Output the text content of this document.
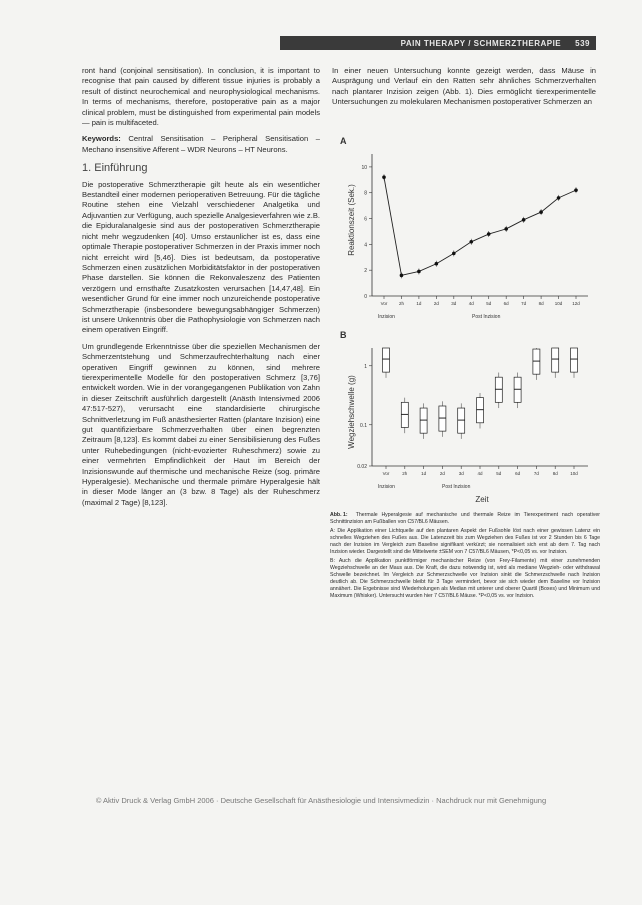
PAIN THERAPY / SCHMERZTHERAPIE 539

ront hand (conjoinal sensitisation). In conclusion, it is important to recognise that pain caused by different tissue injuries is probably a result of distinct neurochemical and neurophysiological mechanisms. In terms of mechanisms, therefore, postoperative pain as a major clinical problem, must be distinguished from experimental pain models — pain is multifaceted.

Keywords: Central Sensitisation – Peripheral Sensitisation – Mechano insensitive Afferent – WDR Neurons – HT Neurons.

1. Einführung

Die postoperative Schmerztherapie gilt heute als ein wesentlicher Bestandteil einer modernen perioperativen Betreuung. Für die tägliche Routine stehen eine Vielzahl verschiedener Analgetika und Adjuvantien zur Verfügung, auch spezielle Analgesieverfahren wie z.B. die Epiduralanalgesie sind aus der postoperativen Schmerztherapie nicht mehr wegzudenken [40]. Umso erstaunlicher ist es, dass eine optimale Therapie postoperativer Schmerzen in der Praxis immer noch nicht erreicht wird [5,46]. Dies ist bedeutsam, da postoperative Schmerzen einen zusätzlichen Morbiditätsfaktor in der postoperativen Phase darstellen. Sie können die Rekonvaleszenz des Patienten verzögern und ernsthafte Zusatzkosten verursachen [14,47,48]. Ein wesentlicher Grund für eine immer noch unzureichende postoperative Schmerztherapie (insbesondere bewegungsabhängiger Schmerzen) ist unsere Unkenntnis über die Pathophysiologie von Schmerzen nach einem operativen Eingriff.

Um grundlegende Erkenntnisse über die speziellen Mechanismen der Schmerzentstehung und Schmerzaufrechterhaltung nach einer operativen Eingriff gewinnen zu können, sind mehrere tierexperimentelle Modelle für den postoperativen Schmerz [3,76] entwickelt worden. Wie in der vorangegangenen Publikation von Zahn in dieser Zeitschrift ausführlich dargestellt (Anästh Intensivmed 2006 47:517-527), verursacht eine standardisierte chirurgische Schnittverletzung im Fuß anästhesierter Ratten (plantare Inzision) eine gut quantifizierbare Schmerzverhalten über einen begrenzten Zeitraum [8,123]. Es kommt dabei zu einer Sensibilisierung des Fußes unter Ruhebedingungen (nicht-evozierter Ruheschmerz) sowie zu einer vermehrten Empfindlichkeit der Haut im Bereich der Inzisionswunde auf thermische und mechanische Reize (sog. primäre Hyperalgesie). Mechanische und thermale primäre Hyperalgesie hält in dieser Mode länger an (3 bzw. 8 Tage) als der Ruheschmerz (maximal 2 Tage) [8,123].

In einer neuen Untersuchung konnte gezeigt werden, dass Mäuse in Ausprägung und Verlauf ein den Ratten sehr ähnliches Schmerzverhalten nach plantarer Inzision zeigen (Abb. 1). Dies ermöglicht tierexperimentelle Untersuchungen zu molekularen Mechanismen postoperativer Schmerzen an

A
Reaktionszeit (Sek.)
0
2
4
6
8
10
Vor	2h	1d	2d	3d	4d	5d	6d	7d	8d 10d 12d
Inzision	Post Inzision
B
Wegziehschwelle (g)
0.02
0.1
1
Vor	2h	1d	2d	3d	4d	5d	6d	7d	8d	10d
Inzision	Post Inzision
Zeit

Abb. 1: Thermale Hyperalgesie auf mechanische und thermale Reize im Tierexperiment nach operativer Schnittinzision am Fußballen von C57/BL6 Mäusen.

A: Die Applikation einer Lichtquelle auf den plantaren Aspekt der Fußsohle löst nach einer gewissen Latenz ein schnelles Wegziehen des Fußes aus. Die Latenzzeit bis zum Wegziehen des Fußes ist vor 2 Stunden bis 6 Tage nach der Inzision im Vergleich zum Baseline signifikant verkürzt; sie normalisiert sich erst ab dem 7. Tag nach Inzision wieder. Dargestellt sind die Mittelwerte ±SEM von 7 C57/BL6 Mäusen, *P<0,05 vs. vor Inzision.

B: Auch die Applikation punktförmiger mechanischer Reize (von Frey-Filamente) mit einer zunehmenden Wegziehschwelle an der Maus aus. Die Kraft, die dazu notwendig ist, wird als mediane Wegzieh- oder withdrawal Schwelle bezeichnet. Im Vergleich zur Schmerzschwelle vor Inzision sinkt die Schmerzschwelle nach Inzision deutlich ab. Die Schmerzschwelle bleibt für 3 Tage vermindert, bevor sie sich wieder dem Baseline vor Inzision annähert. Die Ergebnisse sind Wiederholungen als Median mit unterer und oberer Quartil (Boxes) und Minimum und Maximum (Whisker). Untersucht wurden hier 7 C57/BL6 Mäuse. *P<0,05 vs. vor Inzision.

© Aktiv Druck & Verlag GmbH 2006 · Deutsche Gesellschaft für Anästhesiologie und Intensivmedizin · Nachdruck nur mit Genehmigung
